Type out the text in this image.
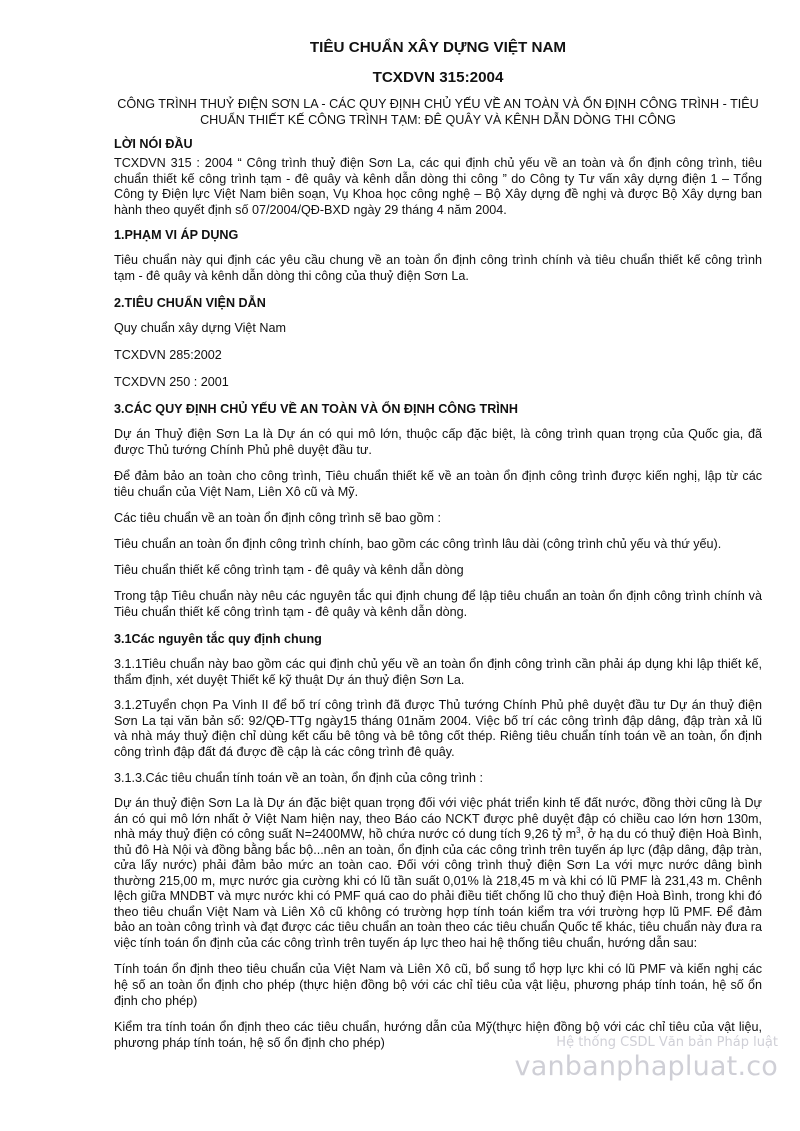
TIÊU CHUẨN XÂY DỰNG VIỆT NAM
TCXDVN 315:2004
CÔNG TRÌNH THUỶ ĐIỆN SƠN LA - CÁC QUY ĐỊNH CHỦ YẾU VỀ AN TOÀN VÀ ỔN ĐỊNH CÔNG TRÌNH - TIÊU CHUẨN THIẾT KẾ CÔNG TRÌNH TẠM: ĐÊ QUÂY VÀ KÊNH DẪN DÒNG THI CÔNG
LỜI NÓI ĐẦU

TCXDVN 315 : 2004 “ Công trình thuỷ điện Sơn La, các qui định chủ yếu về an toàn và ổn định công trình, tiêu chuẩn thiết kế công trình tạm - đê quây và kênh dẫn dòng thi công ” do Công ty Tư vấn xây dựng điện 1 – Tổng Công ty Điện lực Việt Nam biên soạn, Vụ Khoa học công nghệ – Bộ Xây dựng đề nghị và được Bộ Xây dựng ban hành theo quyết định số 07/2004/QĐ-BXD ngày 29 tháng 4 năm 2004.

1.PHẠM VI ÁP DỤNG

Tiêu chuẩn này qui định các yêu cầu chung về an toàn ổn định công trình chính và tiêu chuẩn thiết kế công trình tạm - đê quây và kênh dẫn dòng thi công của thuỷ điện Sơn La.

2.TIÊU CHUẨN VIỆN DẪN

Quy chuẩn xây dựng Việt Nam

TCXDVN 285:2002

TCXDVN 250 : 2001

3.CÁC QUY ĐỊNH CHỦ YẾU VỀ AN TOÀN VÀ ỔN ĐỊNH CÔNG TRÌNH

Dự án Thuỷ điện Sơn La là Dự án có qui mô lớn, thuộc cấp đặc biệt, là công trình quan trọng của Quốc gia, đã được Thủ tướng Chính Phủ phê duyệt đầu tư.

Để đảm bảo an toàn cho công trình, Tiêu chuẩn thiết kế về an toàn ổn định công trình được kiến nghị, lập từ các tiêu chuẩn của Việt Nam, Liên Xô cũ và Mỹ.

Các tiêu chuẩn về an toàn ổn định công trình sẽ bao gồm :

Tiêu chuẩn an toàn ổn định công trình chính, bao gồm các công trình lâu dài (công trình chủ yếu và thứ yếu).

Tiêu chuẩn thiết kế công trình tạm - đê quây và kênh dẫn dòng

Trong tập Tiêu chuẩn này nêu các nguyên tắc qui định chung để lập tiêu chuẩn an toàn ổn định công trình chính và Tiêu chuẩn thiết kế công trình tạm - đê quây và kênh dẫn dòng.

3.1Các nguyên tắc quy định chung

3.1.1Tiêu chuẩn này bao gồm các qui định chủ yếu về an toàn ổn định công trình cần phải áp dụng khi lập thiết kế, thẩm định, xét duyệt Thiết kế kỹ thuật Dự án thuỷ điện Sơn La.

3.1.2Tuyển chọn Pa Vinh II để bố trí công trình đã được Thủ tướng Chính Phủ phê duyệt đầu tư Dự án thuỷ điện Sơn La tại văn bản số: 92/QĐ-TTg ngày15 tháng 01năm 2004. Việc bố trí các công trình đập dâng, đập tràn xả lũ và nhà máy thuỷ điện chỉ dùng kết cấu bê tông và bê tông cốt thép. Riêng tiêu chuẩn tính toán về an toàn, ổn định công trình đập đất đá được đề cập là các công trình đê quây.

3.1.3.Các tiêu chuẩn tính toán về an toàn, ổn định của công trình :

Dự án thuỷ điện Sơn La là Dự án đặc biệt quan trọng đối với việc phát triển kinh tế đất nước, đồng thời cũng là Dự án có qui mô lớn nhất ở Việt Nam hiện nay, theo Báo cáo NCKT được phê duyệt đập có chiều cao lớn hơn 130m, nhà máy thuỷ điện có công suất N=2400MW, hồ chứa nước có dung tích 9,26 tỷ $m^3$, ở hạ du có thuỷ điện Hoà Bình, thủ đô Hà Nội và đồng bằng bắc bộ...nên an toàn, ổn định của các công trình trên tuyến áp lực (đập dâng, đập tràn, cửa lấy nước) phải đảm bảo mức an toàn cao. Đối với công trình thuỷ điện Sơn La với mực nước dâng bình thường 215,00 m, mực nước gia cường khi có lũ tần suất 0,01% là 218,45 m và khi có lũ PMF là 231,43 m. Chênh lệch giữa MNDBT và mực nước khi có PMF quá cao do phải điều tiết chống lũ cho thuỷ điện Hoà Bình, trong khi đó theo tiêu chuẩn Việt Nam và Liên Xô cũ không có trường hợp tính toán kiểm tra với trường hợp lũ PMF. Để đảm bảo an toàn công trình và đạt được các tiêu chuẩn an toàn theo các tiêu chuẩn Quốc tế khác, tiêu chuẩn này đưa ra việc tính toán ổn định của các công trình trên tuyến áp lực theo hai hệ thống tiêu chuẩn, hướng dẫn sau:

Tính toán ổn định theo tiêu chuẩn của Việt Nam và Liên Xô cũ, bổ sung tổ hợp lực khi có lũ PMF và kiến nghị các hệ số an toàn ổn định cho phép (thực hiện đồng bộ với các chỉ tiêu của vật liệu, phương pháp tính toán, hệ số ổn định cho phép)

Kiểm tra tính toán ổn định theo các tiêu chuẩn, hướng dẫn của Mỹ(thực hiện đồng bộ với các chỉ tiêu của vật liệu, phương pháp tính toán, hệ số ổn định cho phép)	Hệ thống CSDL Văn bản Pháp luật
vanbanphapluat.co
